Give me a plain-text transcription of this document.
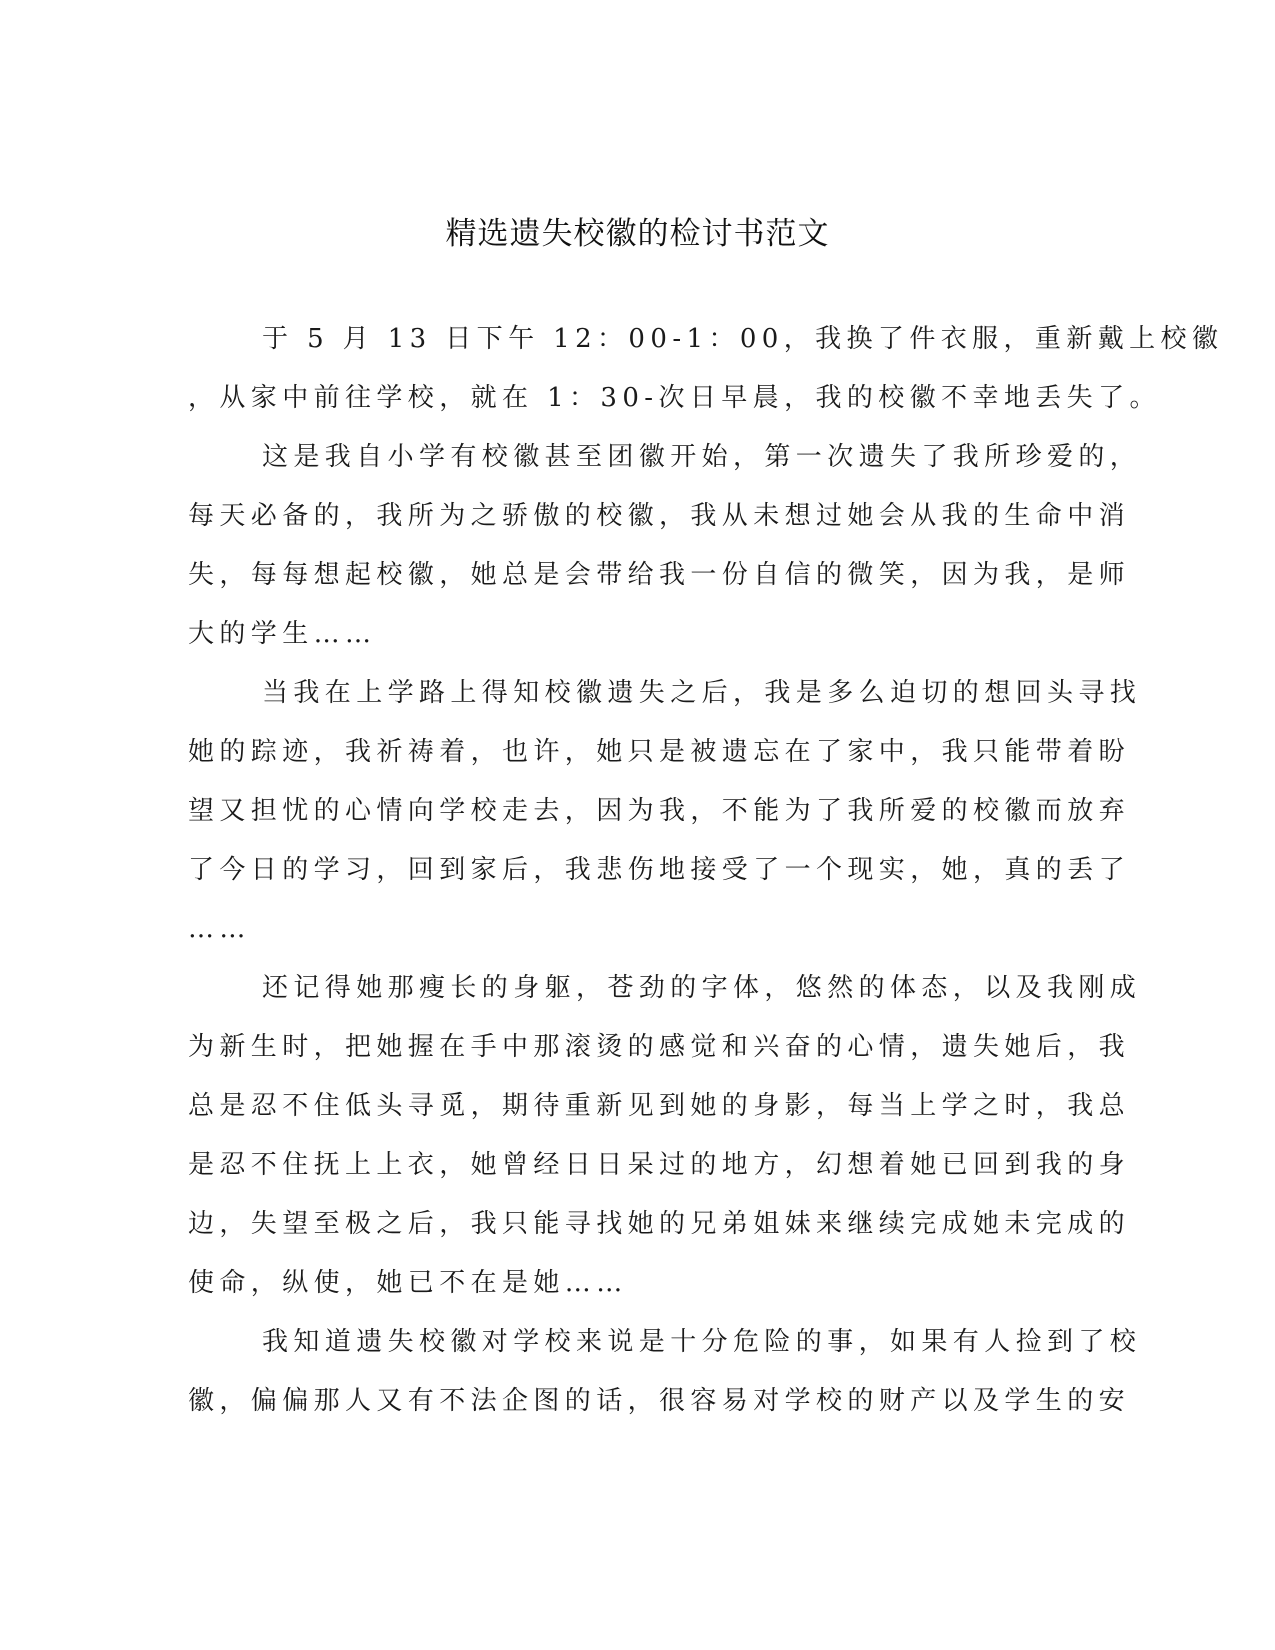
精选遗失校徽的检讨书范文
于 5 月 13 日下午 12：00-1：00，我换了件衣服，重新戴上校徽
，从家中前往学校，就在 1：30-次日早晨，我的校徽不幸地丢失了。
这是我自小学有校徽甚至团徽开始，第一次遗失了我所珍爱的，
每天必备的，我所为之骄傲的校徽，我从未想过她会从我的生命中消
失，每每想起校徽，她总是会带给我一份自信的微笑，因为我，是师
大的学生……
当我在上学路上得知校徽遗失之后，我是多么迫切的想回头寻找
她的踪迹，我祈祷着，也许，她只是被遗忘在了家中，我只能带着盼
望又担忧的心情向学校走去，因为我，不能为了我所爱的校徽而放弃
了今日的学习，回到家后，我悲伤地接受了一个现实，她，真的丢了
……
还记得她那瘦长的身躯，苍劲的字体，悠然的体态，以及我刚成
为新生时，把她握在手中那滚烫的感觉和兴奋的心情，遗失她后，我
总是忍不住低头寻觅，期待重新见到她的身影，每当上学之时，我总
是忍不住抚上上衣，她曾经日日呆过的地方，幻想着她已回到我的身
边，失望至极之后，我只能寻找她的兄弟姐妹来继续完成她未完成的
使命，纵使，她已不在是她……
我知道遗失校徽对学校来说是十分危险的事，如果有人捡到了校
徽，偏偏那人又有不法企图的话，很容易对学校的财产以及学生的安
